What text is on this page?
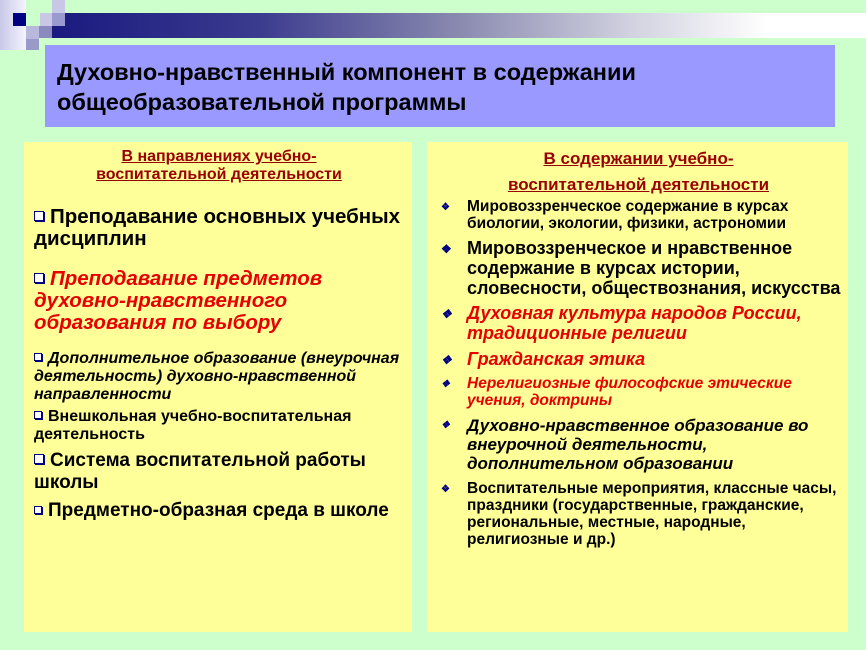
Духовно-нравственный компонент в содержании
общеобразовательной программы
В направлениях учебно-
воспитательной деятельности
Преподавание основных учебных дисциплин
Преподавание предметов духовно-нравственного образования по выбору
Дополнительное образование (внеурочная деятельность) духовно-нравственной направленности
Внешкольная учебно-воспитательная деятельность
Система воспитательной работы школы
Предметно-образная среда в школе
В содержании учебно-
воспитательной деятельности
❖ Мировоззренческое содержание в курсах биологии, экологии, физики, астрономии
❖ Мировоззренческое и нравственное содержание в курсах истории, словесности, обществознания, искусства
❖ Духовная культура народов России, традиционные религии
❖ Гражданская этика
❖ Нерелигиозные философские этические учения, доктрины
❖ Духовно-нравственное образование во внеурочной деятельности, дополнительном образовании
❖ Воспитательные мероприятия, классные часы, праздники (государственные, гражданские, региональные, местные, народные, религиозные и др.)
